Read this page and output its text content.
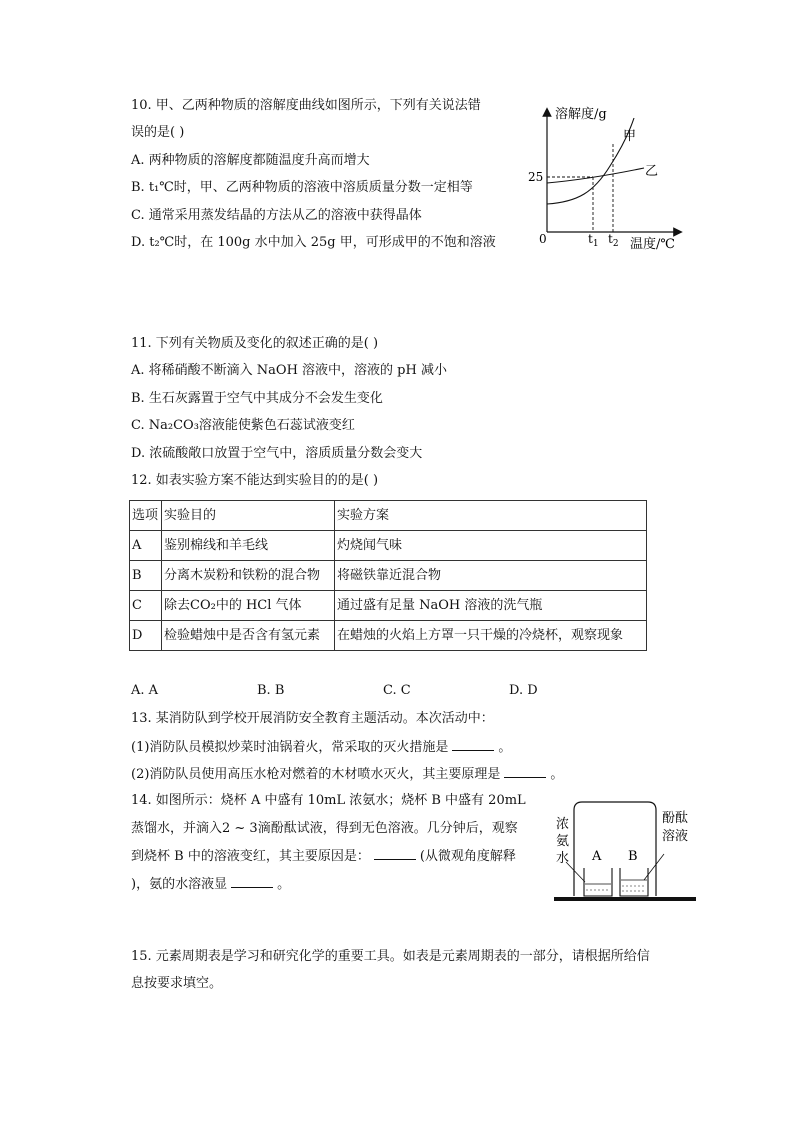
10. 甲、乙两种物质的溶解度曲线如图所示，下列有关说法错
误的是( )
A. 两种物质的溶解度都随温度升高而增大
B. t₁℃时，甲、乙两种物质的溶液中溶质质量分数一定相等
C. 通常采用蒸发结晶的方法从乙的溶液中获得晶体
D. t₂℃时，在 100g 水中加入 25g 甲，可形成甲的不饱和溶液
溶解度/g
温度/℃
0
25
$t_1$ $t_2$
甲
乙
11. 下列有关物质及变化的叙述正确的是( )
A. 将稀硝酸不断滴入 NaOH 溶液中，溶液的 pH 减小
B. 生石灰露置于空气中其成分不会发生变化
C. Na₂CO₃溶液能使紫色石蕊试液变红
D. 浓硫酸敞口放置于空气中，溶质质量分数会变大
12. 如表实验方案不能达到实验目的的是( )
选项	实验目的	实验方案
A	鉴别棉线和羊毛线	灼烧闻气味
B	分离木炭粉和铁粉的混合物	将磁铁靠近混合物
C	除去CO₂中的 HCl 气体	通过盛有足量 NaOH 溶液的洗气瓶
D	检验蜡烛中是否含有氢元素	在蜡烛的火焰上方罩一只干燥的冷烧杯，观察现象
A. A	B. B	C. C	D. D
13. 某消防队到学校开展消防安全教育主题活动。本次活动中：
(1)消防队员模拟炒菜时油锅着火，常采取的灭火措施是	。
(2)消防队员使用高压水枪对燃着的木材喷水灭火，其主要原理是	。
14. 如图所示：烧杯 A 中盛有 10mL 浓氨水；烧杯 B 中盛有 20mL
蒸馏水，并滴入2 ~ 3滴酚酞试液，得到无色溶液。几分钟后，观察
到烧杯 B 中的溶液变红，其主要原因是：	(从微观角度解释
)，氨的水溶液显	。
A B
浓
氨
水
酚酞
溶液
15. 元素周期表是学习和研究化学的重要工具。如表是元素周期表的一部分，请根据所给信
息按要求填空。
